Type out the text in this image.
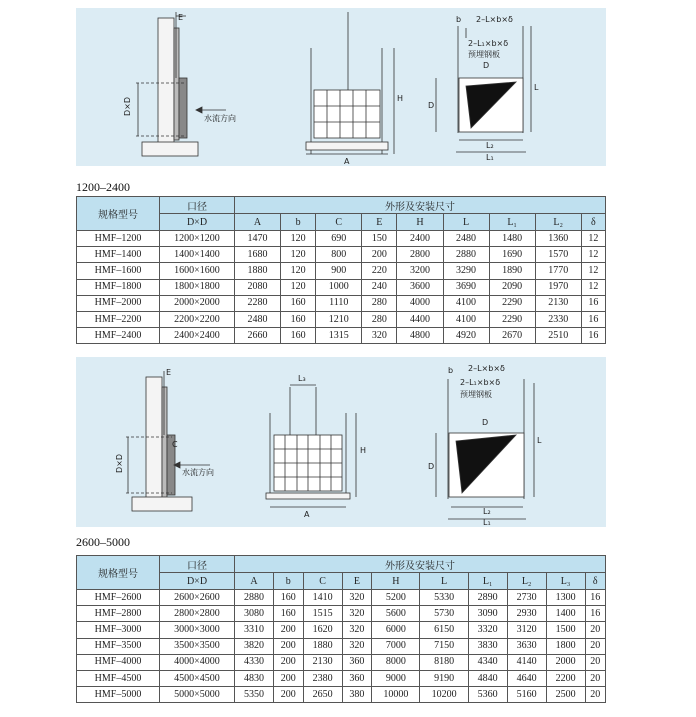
E
D×D
水流方向
A
H
b 2–L×b×δ
2–L₁×b×δ
预埋钢板
D
D
L
L₁
L₂
1200–2400
规格型号	口径	外形及安装尺寸								
	D×D	A	b	C	E	H	L	L₁	L₂	δ
HMF–1200	1200×1200	1470	120	690	150	2400	2480	1480	1360	12
HMF–1400	1400×1400	1680	120	800	200	2800	2880	1690	1570	12
HMF–1600	1600×1600	1880	120	900	220	3200	3290	1890	1770	12
HMF–1800	1800×1800	2080	120	1000	240	3600	3690	2090	1970	12
HMF–2000	2000×2000	2280	160	1110	280	4000	4100	2290	2130	16
HMF–2200	2200×2200	2480	160	1210	280	4400	4100	2290	2330	16
HMF–2400	2400×2400	2660	160	1315	320	4800	4920	2670	2510	16
E
C
D×D	水流方向
L₃
A
H
b 2–L×b×δ
2–L₁×b×δ
预埋钢板
D
D
L
L₁
L₂
2600–5000
规格型号	口径	外形及安装尺寸									
	D×D	A	b	C	E	H	L	L₁	L₂	L₃	δ
HMF–2600	2600×2600	2880	160	1410	320	5200	5330	2890	2730	1300	16
HMF–2800	2800×2800	3080	160	1515	320	5600	5730	3090	2930	1400	16
HMF–3000	3000×3000	3310	200	1620	320	6000	6150	3320	3120	1500	20
HMF–3500	3500×3500	3820	200	1880	320	7000	7150	3830	3630	1800	20
HMF–4000	4000×4000	4330	200	2130	360	8000	8180	4340	4140	2000	20
HMF–4500	4500×4500	4830	200	2380	360	9000	9190	4840	4640	2200	20
HMF–5000	5000×5000	5350	200	2650	380	10000	10200	5360	5160	2500	20
